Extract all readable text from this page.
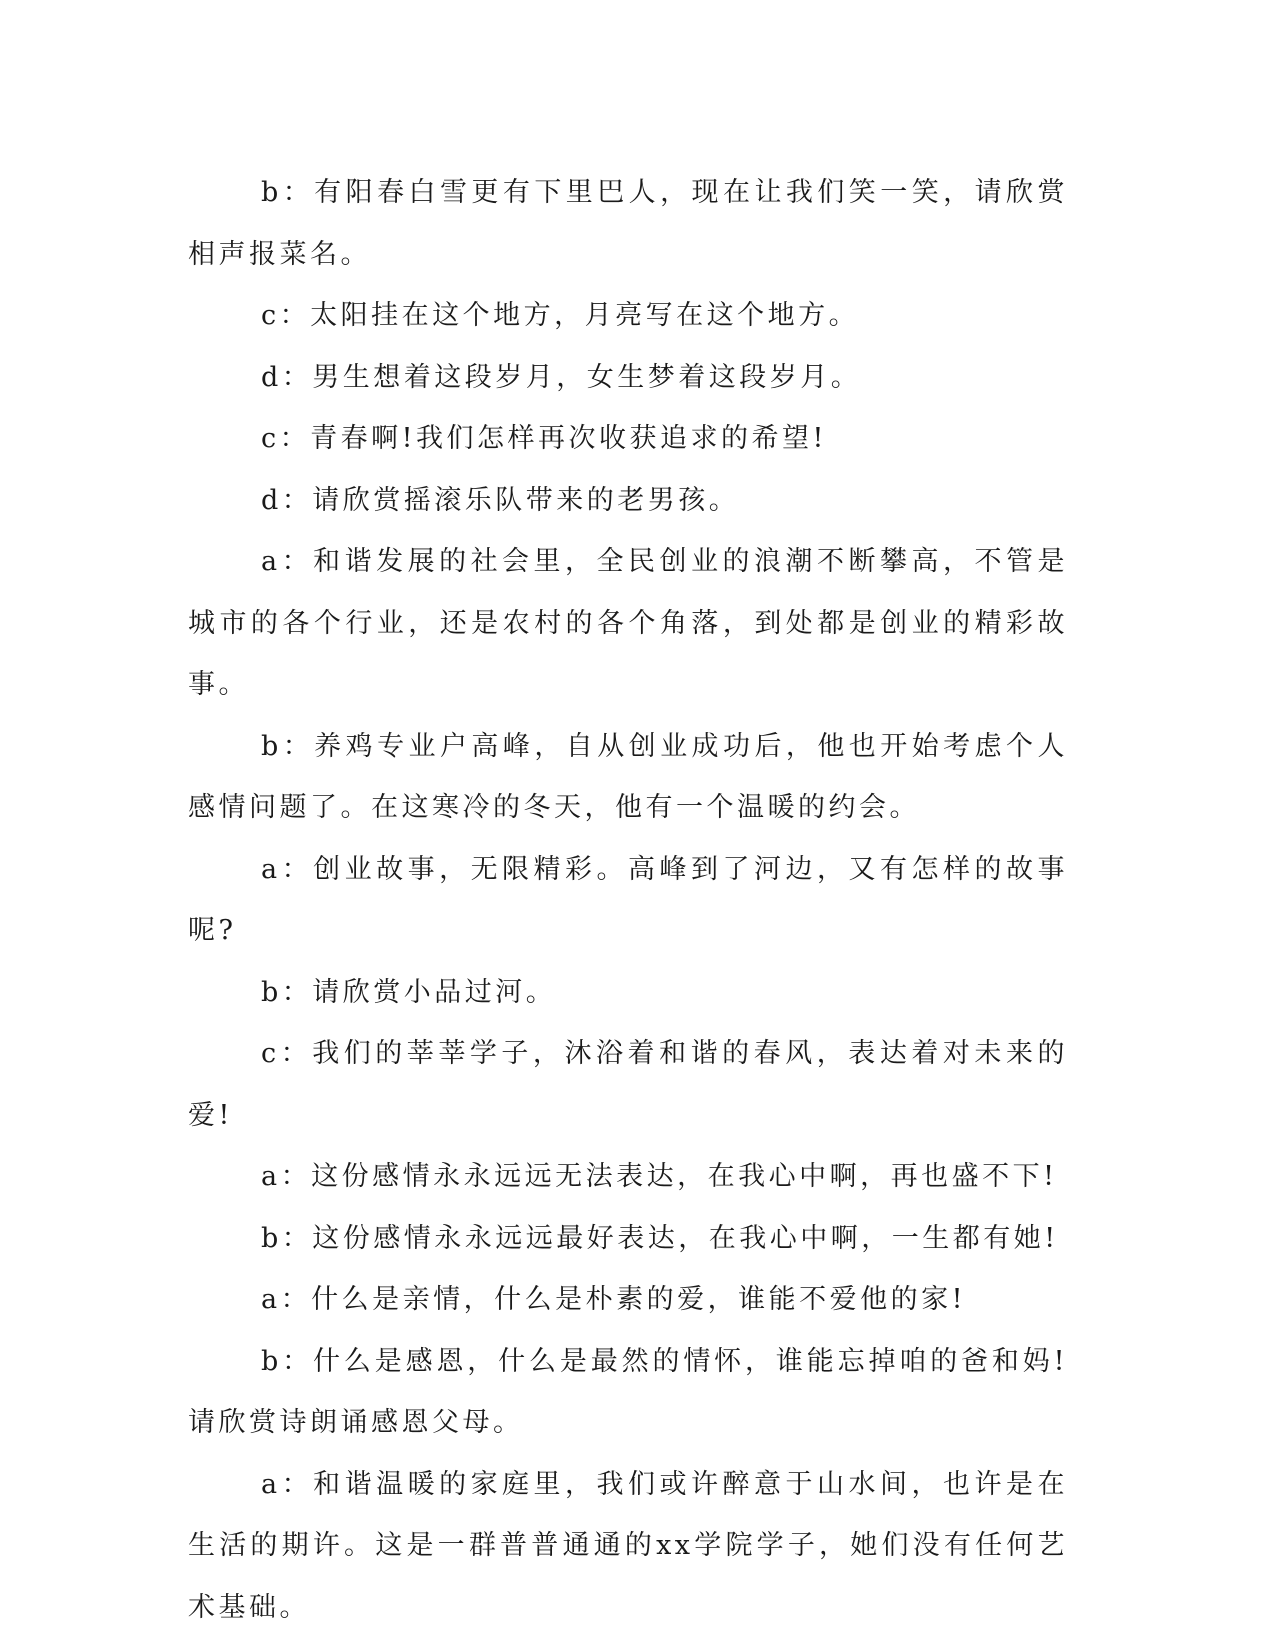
b：有阳春白雪更有下里巴人，现在让我们笑一笑，请欣赏相声报菜名。

c：太阳挂在这个地方，月亮写在这个地方。

d：男生想着这段岁月，女生梦着这段岁月。

c：青春啊!我们怎样再次收获追求的希望!

d：请欣赏摇滚乐队带来的老男孩。

a：和谐发展的社会里，全民创业的浪潮不断攀高，不管是城市的各个行业，还是农村的各个角落，到处都是创业的精彩故事。

b：养鸡专业户高峰，自从创业成功后，他也开始考虑个人感情问题了。在这寒冷的冬天，他有一个温暖的约会。

a：创业故事，无限精彩。高峰到了河边，又有怎样的故事呢?

b：请欣赏小品过河。

c：我们的莘莘学子，沐浴着和谐的春风，表达着对未来的爱!

a：这份感情永永远远无法表达，在我心中啊，再也盛不下!

b：这份感情永永远远最好表达，在我心中啊，一生都有她!

a：什么是亲情，什么是朴素的爱，谁能不爱他的家!

b：什么是感恩，什么是最然的情怀，谁能忘掉咱的爸和妈!请欣赏诗朗诵感恩父母。

a：和谐温暖的家庭里，我们或许醉意于山水间，也许是在生活的期许。这是一群普普通通的xx学院学子，她们没有任何艺术基础。
